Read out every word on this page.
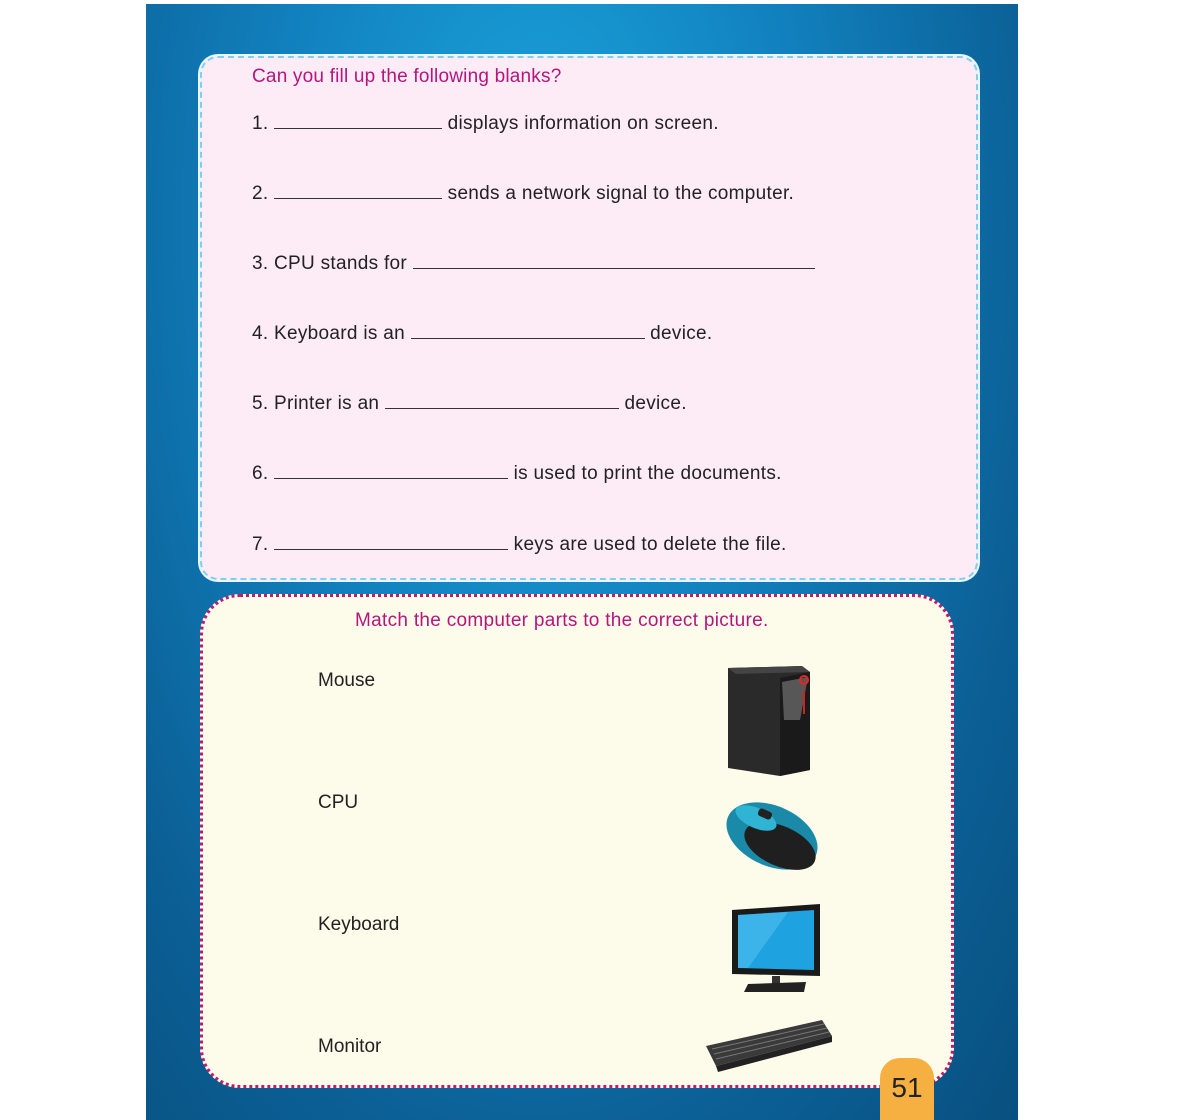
Can you fill up the following blanks?
1.	displays information on screen.
2.	sends a network signal to the computer.
3. CPU stands for
4. Keyboard is an	device.
5. Printer is an	device.
6.	is used to print the documents.
7.	keys are used to delete the file.
Match the computer parts to the correct picture.
Mouse
CPU
Keyboard
Monitor
51
